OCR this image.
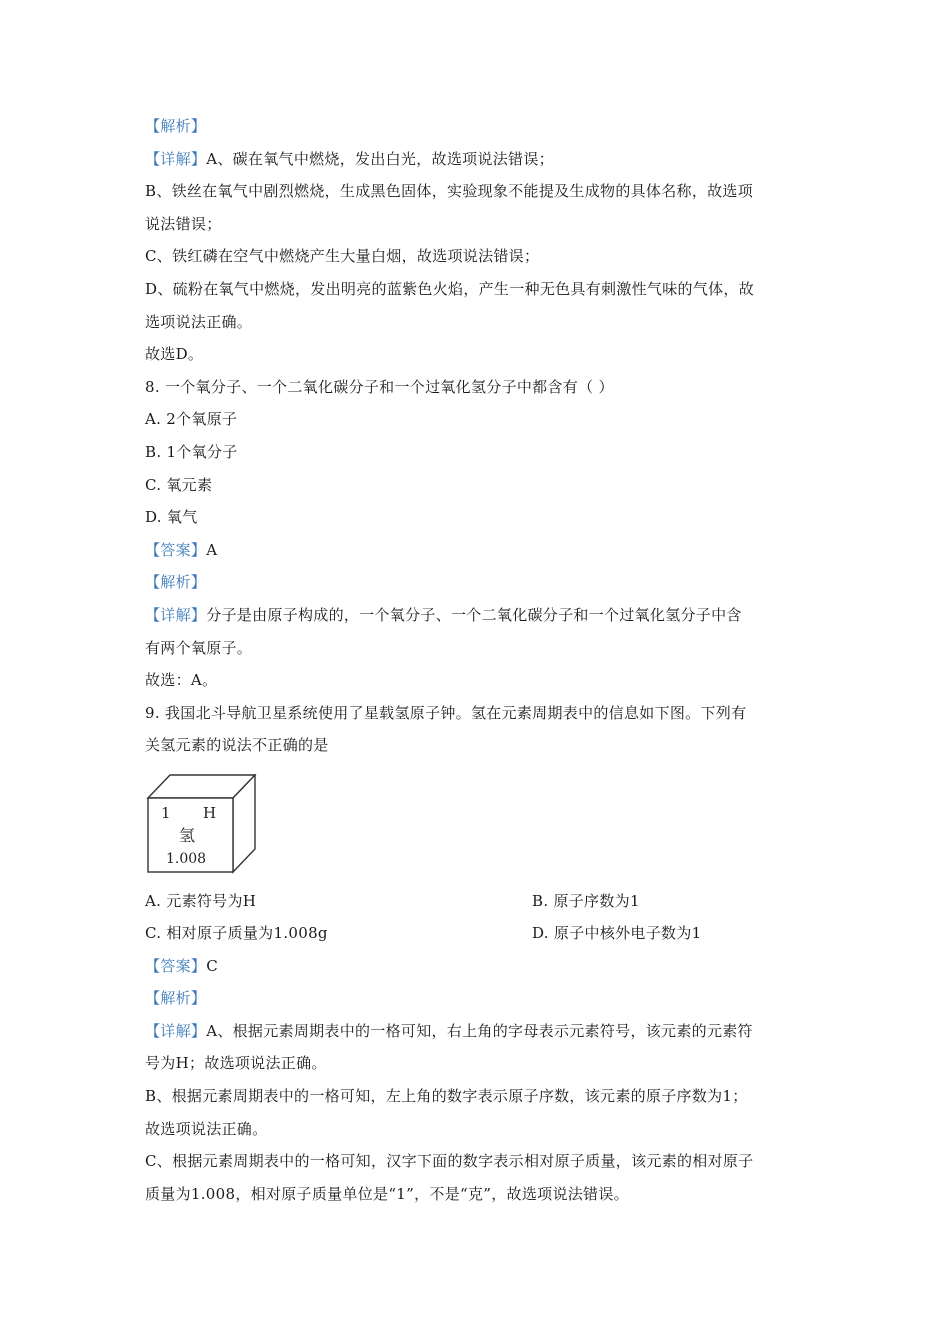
【解析】
【详解】A、碳在氧气中燃烧，发出白光，故选项说法错误；
B、铁丝在氧气中剧烈燃烧，生成黑色固体，实验现象不能提及生成物的具体名称，故选项
说法错误；
C、铁红磷在空气中燃烧产生大量白烟，故选项说法错误；
D、硫粉在氧气中燃烧，发出明亮的蓝紫色火焰，产生一种无色具有刺激性气味的气体，故
选项说法正确。
故选D。
8. 一个氧分子、一个二氧化碳分子和一个过氧化氢分子中都含有（ ）
A. 2个氧原子
B. 1个氧分子
C. 氧元素
D. 氧气
【答案】A
【解析】
【详解】分子是由原子构成的，一个氧分子、一个二氧化碳分子和一个过氧化氢分子中含
有两个氧原子。
故选：A。
9. 我国北斗导航卫星系统使用了星载氢原子钟。氢在元素周期表中的信息如下图。下列有
关氢元素的说法不正确的是
1 H
氢
1.008
A. 元素符号为H	B. 原子序数为1
C. 相对原子质量为1.008g	D. 原子中核外电子数为1
【答案】C
【解析】
【详解】A、根据元素周期表中的一格可知，右上角的字母表示元素符号，该元素的元素符
号为H；故选项说法正确。
B、根据元素周期表中的一格可知，左上角的数字表示原子序数，该元素的原子序数为1；
故选项说法正确。
C、根据元素周期表中的一格可知，汉字下面的数字表示相对原子质量，该元素的相对原子
质量为1.008，相对原子质量单位是“1”，不是“克”，故选项说法错误。
